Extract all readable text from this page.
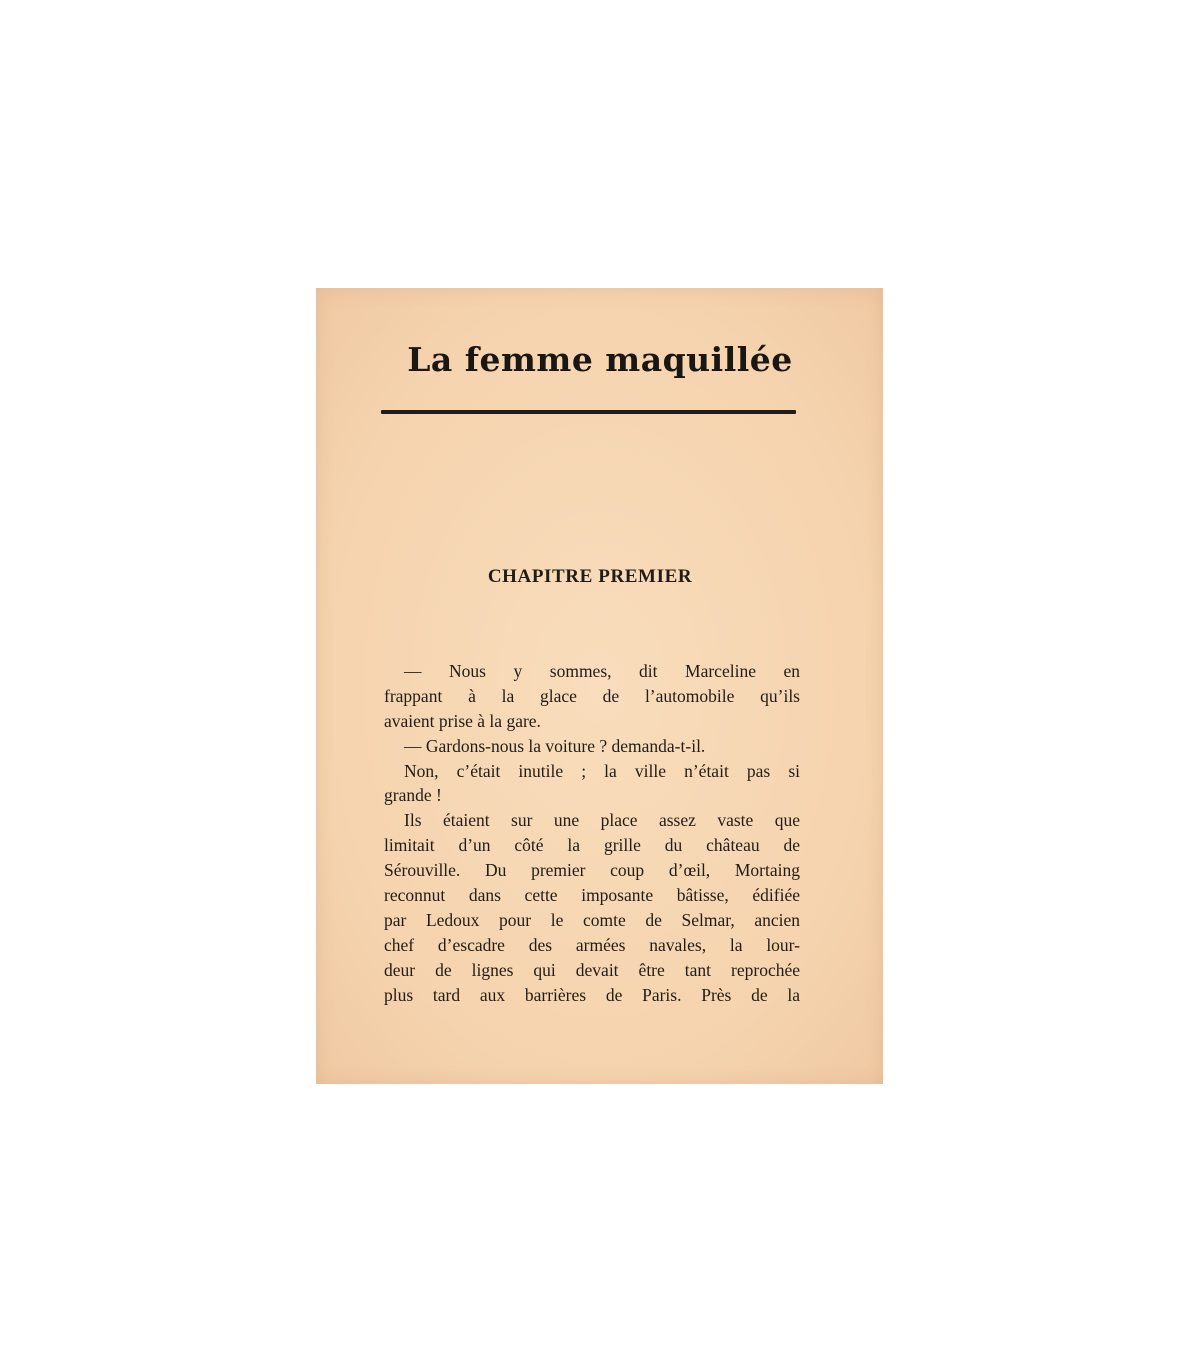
La femme maquillée
CHAPITRE PREMIER
— Nous y sommes, dit Marceline en
frappant à la glace de l’automobile qu’ils
avaient prise à la gare.
— Gardons-nous la voiture ? demanda-t-il.
Non, c’était inutile ; la ville n’était pas si
grande !
Ils étaient sur une place assez vaste que
limitait d’un côté la grille du château de
Sérouville. Du premier coup d’œil, Mortaing
reconnut dans cette imposante bâtisse, édifiée
par Ledoux pour le comte de Selmar, ancien
chef d’escadre des armées navales, la lour-
deur de lignes qui devait être tant reprochée
plus tard aux barrières de Paris. Près de la
